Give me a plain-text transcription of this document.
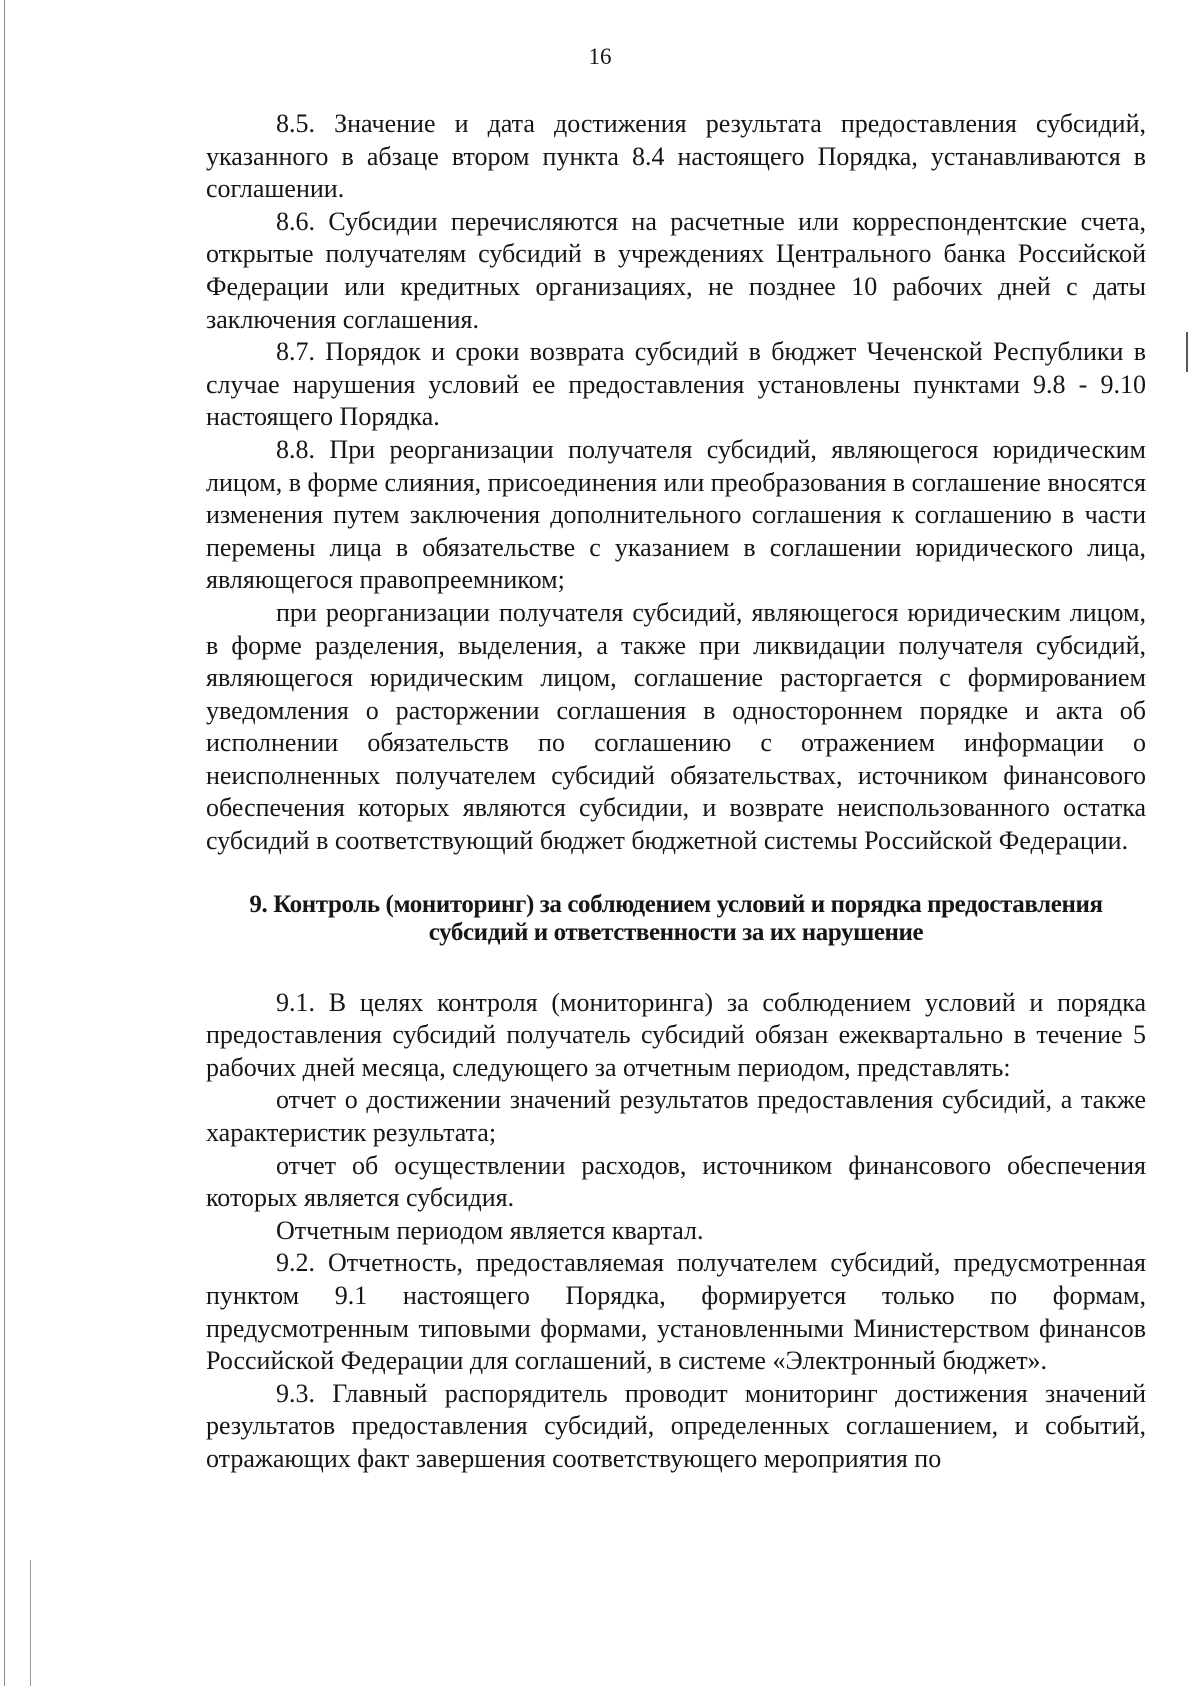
16

8.5. Значение и дата достижения результата предоставления субсидий, указанного в абзаце втором пункта 8.4 настоящего Порядка, устанавливаются в соглашении.

8.6. Субсидии перечисляются на расчетные или корреспондентские счета, открытые получателям субсидий в учреждениях Центрального банка Российской Федерации или кредитных организациях, не позднее 10 рабочих дней с даты заключения соглашения.

8.7. Порядок и сроки возврата субсидий в бюджет Чеченской Республики в случае нарушения условий ее предоставления установлены пунктами 9.8 - 9.10 настоящего Порядка.

8.8. При реорганизации получателя субсидий, являющегося юридическим лицом, в форме слияния, присоединения или преобразования в соглашение вносятся изменения путем заключения дополнительного соглашения к соглашению в части перемены лица в обязательстве с указанием в соглашении юридического лица, являющегося правопреемником;

при реорганизации получателя субсидий, являющегося юридическим лицом, в форме разделения, выделения, а также при ликвидации получателя субсидий, являющегося юридическим лицом, соглашение расторгается с формированием уведомления о расторжении соглашения в одностороннем порядке и акта об исполнении обязательств по соглашению с отражением информации о неисполненных получателем субсидий обязательствах, источником финансового обеспечения которых являются субсидии, и возврате неиспользованного остатка субсидий в соответствующий бюджет бюджетной системы Российской Федерации.

9. Контроль (мониторинг) за соблюдением условий и порядка предоставления субсидий и ответственности за их нарушение

9.1. В целях контроля (мониторинга) за соблюдением условий и порядка предоставления субсидий получатель субсидий обязан ежеквартально в течение 5 рабочих дней месяца, следующего за отчетным периодом, представлять:

отчет о достижении значений результатов предоставления субсидий, а также характеристик результата;

отчет об осуществлении расходов, источником финансового обеспечения которых является субсидия.

Отчетным периодом является квартал.

9.2. Отчетность, предоставляемая получателем субсидий, предусмотренная пунктом 9.1 настоящего Порядка, формируется только по формам, предусмотренным типовыми формами, установленными Министерством финансов Российской Федерации для соглашений, в системе «Электронный бюджет».

9.3. Главный распорядитель проводит мониторинг достижения значений результатов предоставления субсидий, определенных соглашением, и событий, отражающих факт завершения соответствующего мероприятия по
